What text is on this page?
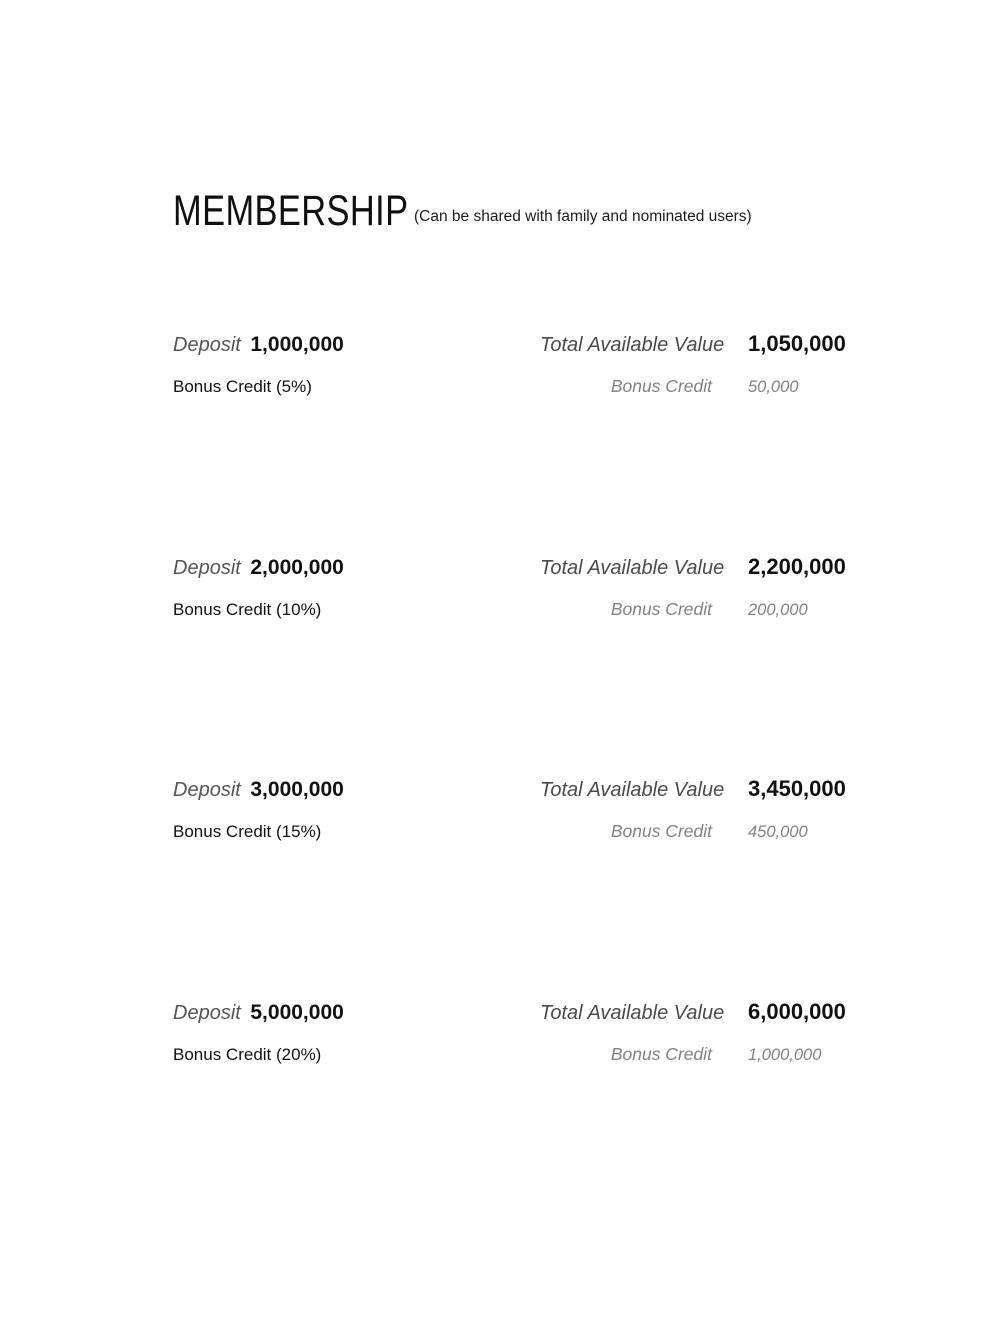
MEMBERSHIP (Can be shared with family and nominated users)

Deposit 1,000,000	Total Available Value 1,050,000
Bonus Credit (5%)	Bonus Credit 50,000
Deposit 2,000,000	Total Available Value 2,200,000
Bonus Credit (10%)	Bonus Credit 200,000
Deposit 3,000,000	Total Available Value 3,450,000
Bonus Credit (15%)	Bonus Credit 450,000
Deposit 5,000,000	Total Available Value 6,000,000
Bonus Credit (20%)	Bonus Credit 1,000,000
